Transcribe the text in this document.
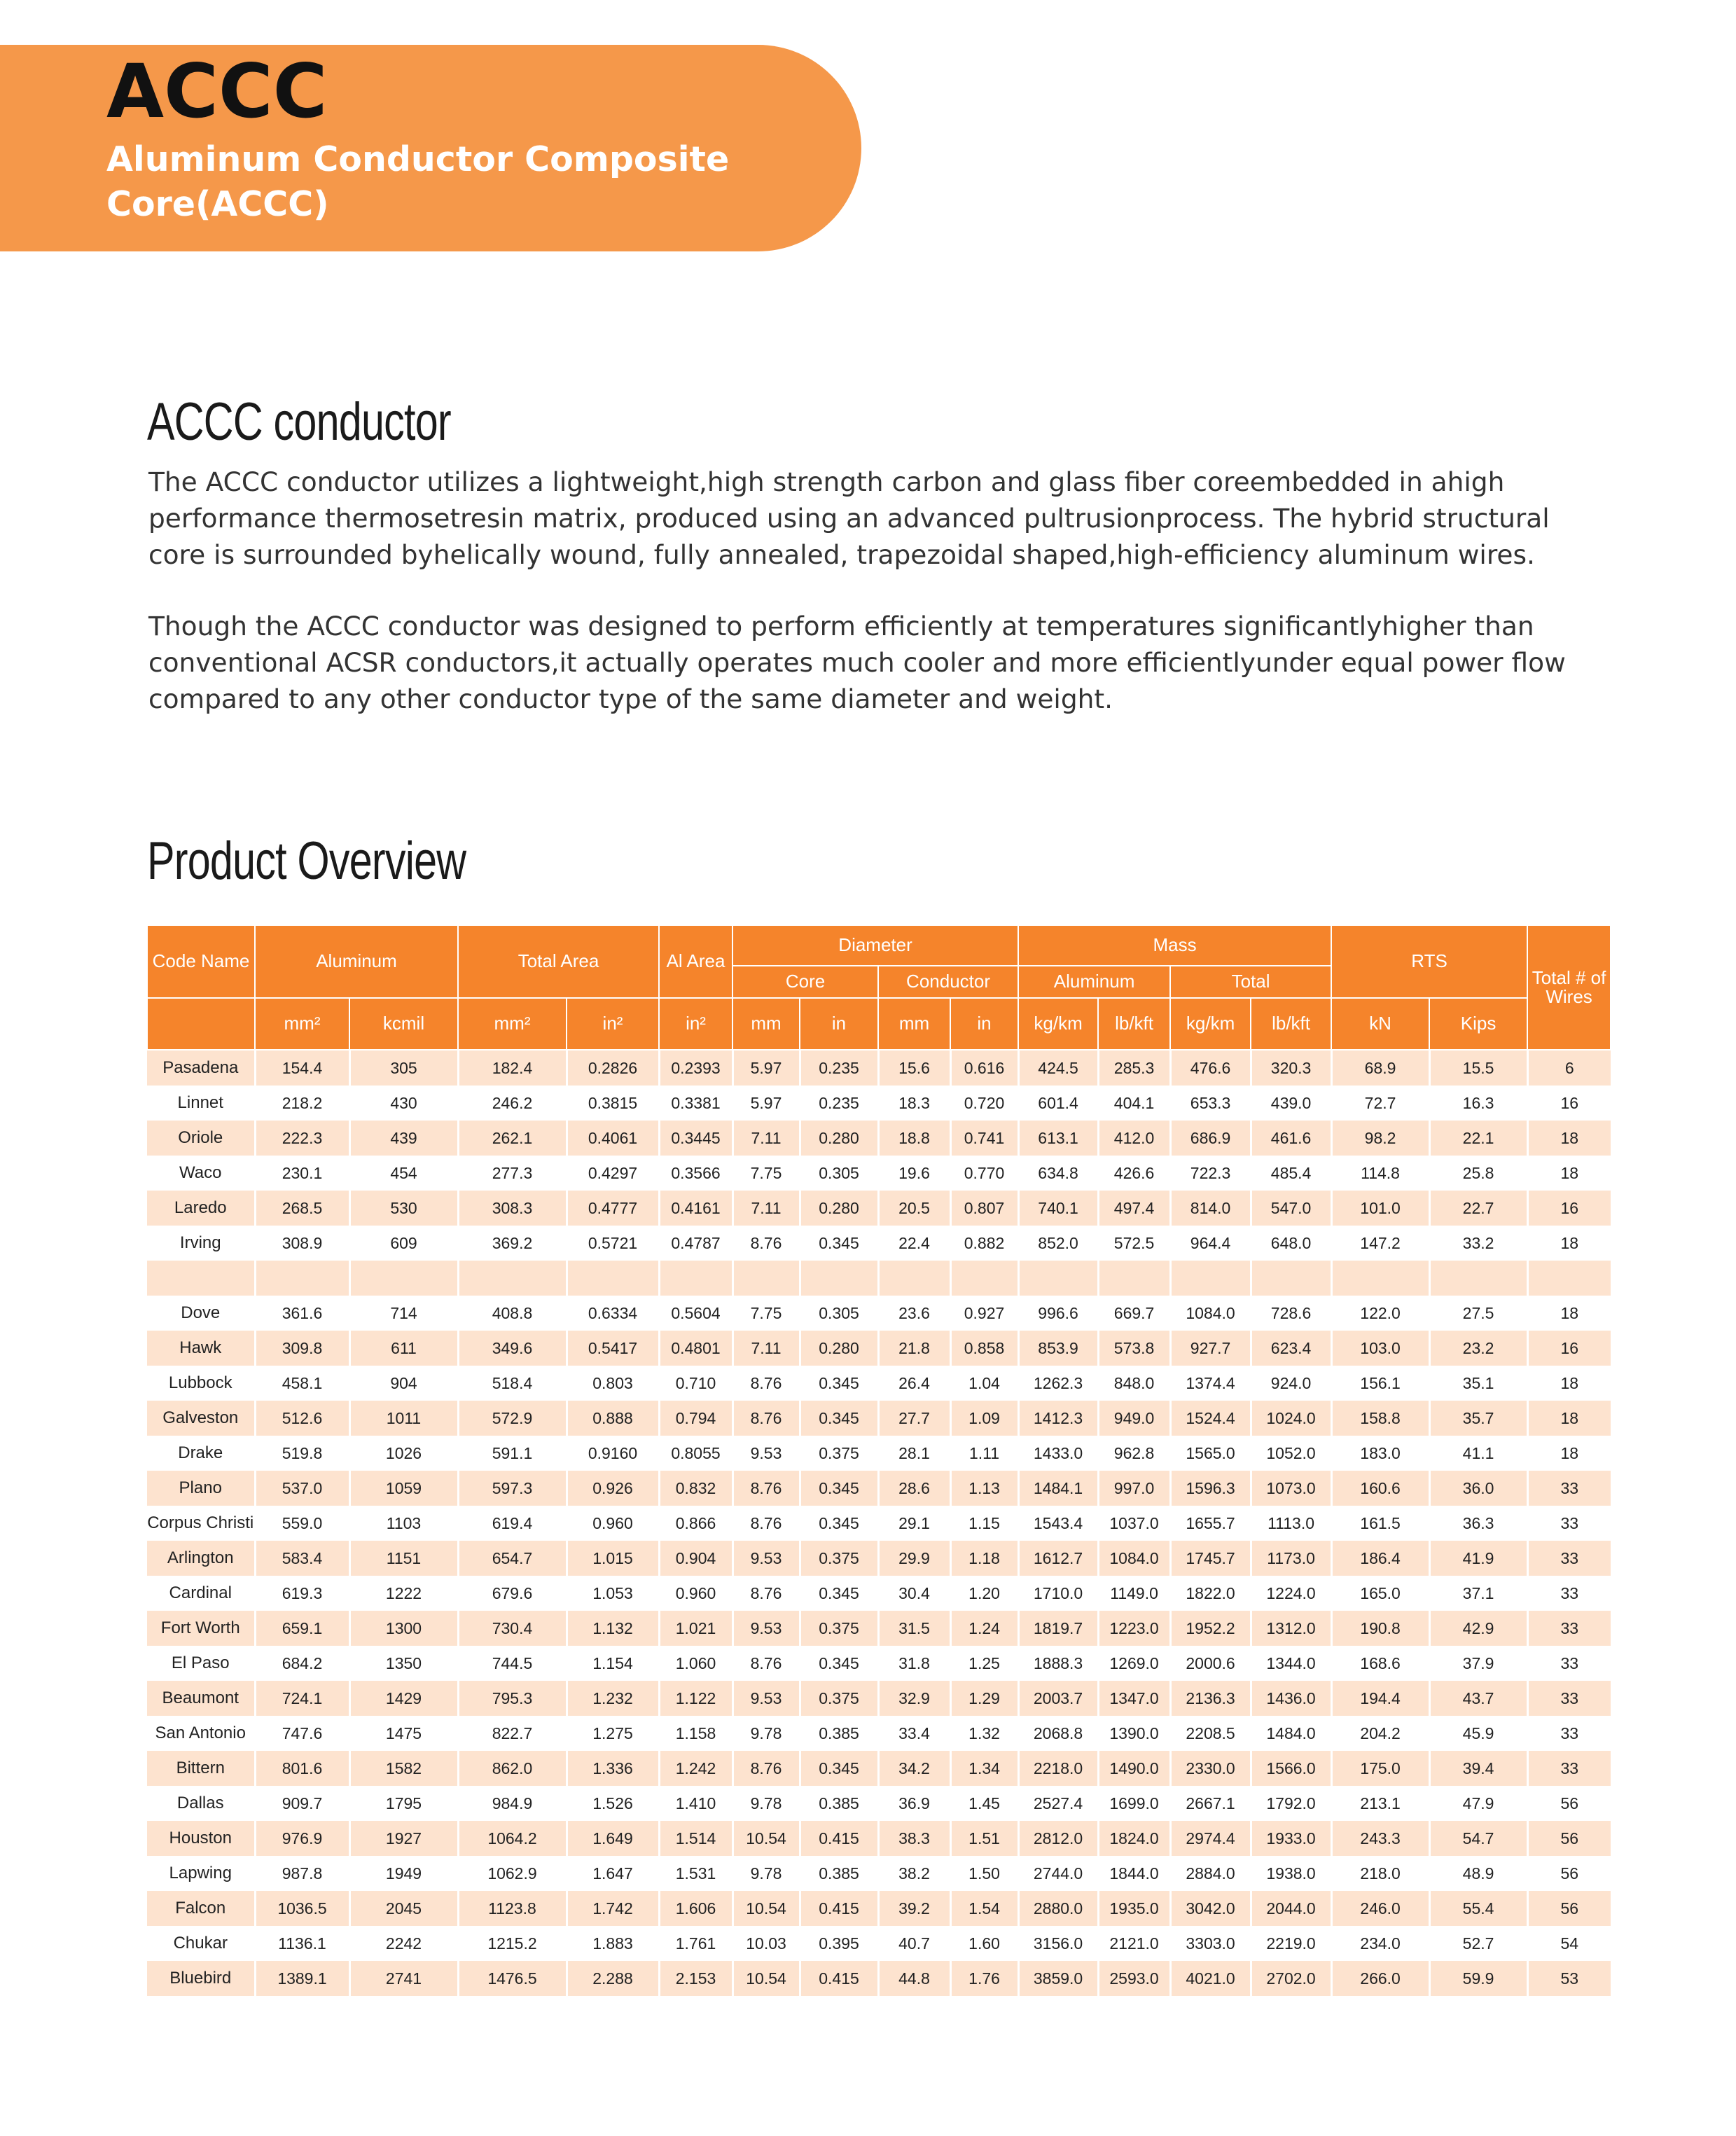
ACCC
Aluminum Conductor Composite Core(ACCC)
ACCC conductor
The ACCC conductor utilizes a lightweight,high strength carbon and glass fiber coreembedded in ahigh performance thermosetresin matrix, produced using an advanced pultrusionprocess. The hybrid structural core is surrounded byhelically wound, fully annealed, trapezoidal shaped,high-efficiency aluminum wires.
Though the ACCC conductor was designed to perform efficiently at temperatures significantlyhigher than conventional ACSR conductors,it actually operates much cooler and more efficientlyunder equal power flow compared to any other conductor type of the same diameter and weight.
Product Overview
Code Name	Aluminum		Total Area		Al Area	Diameter				Mass				RTS		Total # of Wires
						Core		Conductor		Aluminum		Total				
	mm²	kcmil	mm²	in²	in²	mm	in	mm	in	kg/km	lb/kft	kg/km	lb/kft	kN	Kips	
Pasadena	154.4	305	182.4	0.2826	0.2393	5.97	0.235	15.6	0.616	424.5	285.3	476.6	320.3	68.9	15.5	6
Linnet	218.2	430	246.2	0.3815	0.3381	5.97	0.235	18.3	0.720	601.4	404.1	653.3	439.0	72.7	16.3	16
Oriole	222.3	439	262.1	0.4061	0.3445	7.11	0.280	18.8	0.741	613.1	412.0	686.9	461.6	98.2	22.1	18
Waco	230.1	454	277.3	0.4297	0.3566	7.75	0.305	19.6	0.770	634.8	426.6	722.3	485.4	114.8	25.8	18
Laredo	268.5	530	308.3	0.4777	0.4161	7.11	0.280	20.5	0.807	740.1	497.4	814.0	547.0	101.0	22.7	16
Irving	308.9	609	369.2	0.5721	0.4787	8.76	0.345	22.4	0.882	852.0	572.5	964.4	648.0	147.2	33.2	18

Dove	361.6	714	408.8	0.6334	0.5604	7.75	0.305	23.6	0.927	996.6	669.7	1084.0	728.6	122.0	27.5	18
Hawk	309.8	611	349.6	0.5417	0.4801	7.11	0.280	21.8	0.858	853.9	573.8	927.7	623.4	103.0	23.2	16
Lubbock	458.1	904	518.4	0.803	0.710	8.76	0.345	26.4	1.04	1262.3	848.0	1374.4	924.0	156.1	35.1	18
Galveston	512.6	1011	572.9	0.888	0.794	8.76	0.345	27.7	1.09	1412.3	949.0	1524.4	1024.0	158.8	35.7	18
Drake	519.8	1026	591.1	0.9160	0.8055	9.53	0.375	28.1	1.11	1433.0	962.8	1565.0	1052.0	183.0	41.1	18
Plano	537.0	1059	597.3	0.926	0.832	8.76	0.345	28.6	1.13	1484.1	997.0	1596.3	1073.0	160.6	36.0	33
Corpus Christi	559.0	1103	619.4	0.960	0.866	8.76	0.345	29.1	1.15	1543.4	1037.0	1655.7	1113.0	161.5	36.3	33
Arlington	583.4	1151	654.7	1.015	0.904	9.53	0.375	29.9	1.18	1612.7	1084.0	1745.7	1173.0	186.4	41.9	33
Cardinal	619.3	1222	679.6	1.053	0.960	8.76	0.345	30.4	1.20	1710.0	1149.0	1822.0	1224.0	165.0	37.1	33
Fort Worth	659.1	1300	730.4	1.132	1.021	9.53	0.375	31.5	1.24	1819.7	1223.0	1952.2	1312.0	190.8	42.9	33
El Paso	684.2	1350	744.5	1.154	1.060	8.76	0.345	31.8	1.25	1888.3	1269.0	2000.6	1344.0	168.6	37.9	33
Beaumont	724.1	1429	795.3	1.232	1.122	9.53	0.375	32.9	1.29	2003.7	1347.0	2136.3	1436.0	194.4	43.7	33
San Antonio	747.6	1475	822.7	1.275	1.158	9.78	0.385	33.4	1.32	2068.8	1390.0	2208.5	1484.0	204.2	45.9	33
Bittern	801.6	1582	862.0	1.336	1.242	8.76	0.345	34.2	1.34	2218.0	1490.0	2330.0	1566.0	175.0	39.4	33
Dallas	909.7	1795	984.9	1.526	1.410	9.78	0.385	36.9	1.45	2527.4	1699.0	2667.1	1792.0	213.1	47.9	56
Houston	976.9	1927	1064.2	1.649	1.514	10.54	0.415	38.3	1.51	2812.0	1824.0	2974.4	1933.0	243.3	54.7	56
Lapwing	987.8	1949	1062.9	1.647	1.531	9.78	0.385	38.2	1.50	2744.0	1844.0	2884.0	1938.0	218.0	48.9	56
Falcon	1036.5	2045	1123.8	1.742	1.606	10.54	0.415	39.2	1.54	2880.0	1935.0	3042.0	2044.0	246.0	55.4	56
Chukar	1136.1	2242	1215.2	1.883	1.761	10.03	0.395	40.7	1.60	3156.0	2121.0	3303.0	2219.0	234.0	52.7	54
Bluebird	1389.1	2741	1476.5	2.288	2.153	10.54	0.415	44.8	1.76	3859.0	2593.0	4021.0	2702.0	266.0	59.9	53
